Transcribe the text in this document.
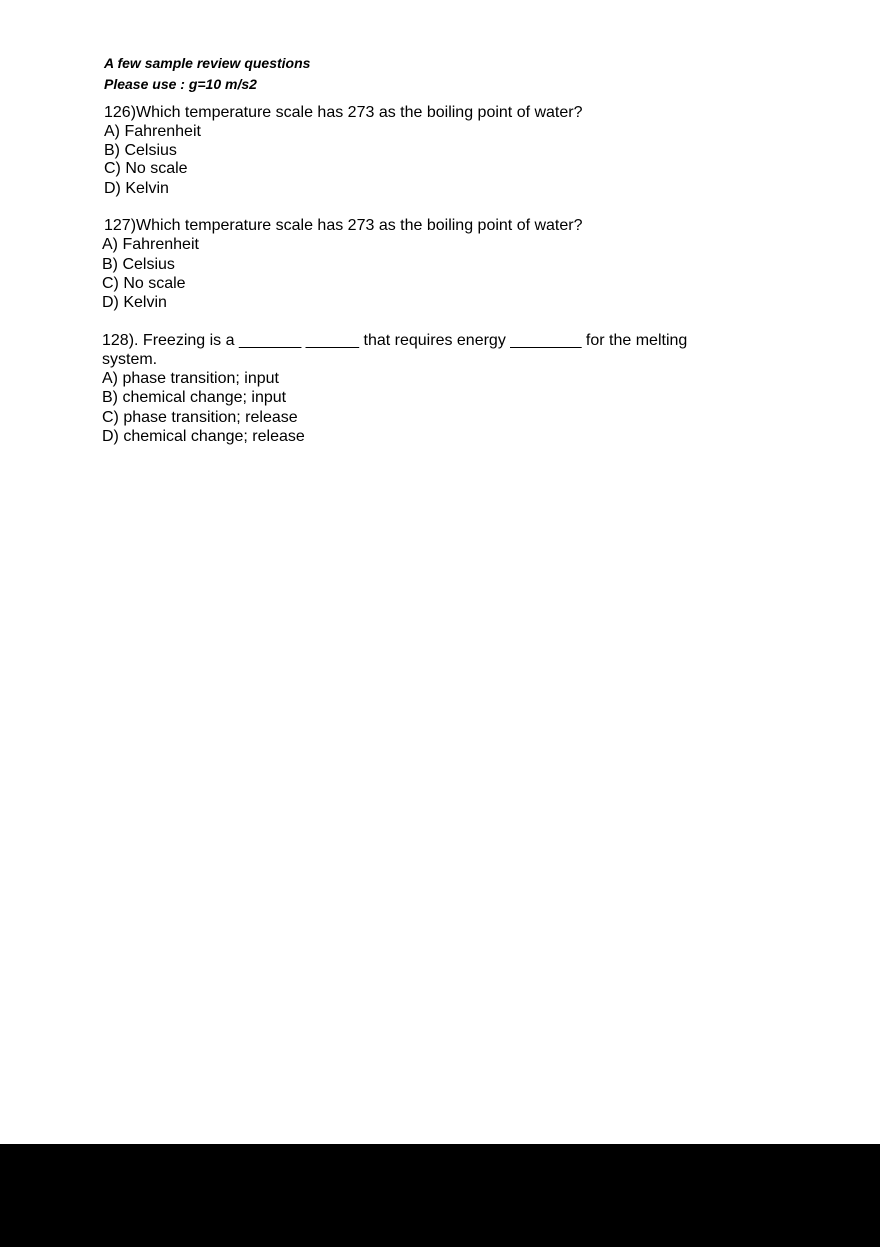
A few sample review questions
Please use : g=10 m/s2
126)Which temperature scale has 273 as the boiling point of water?
A) Fahrenheit
B) Celsius
C) No scale
D) Kelvin
127)Which temperature scale has 273 as the boiling point of water?
A) Fahrenheit
B) Celsius
C) No scale
D) Kelvin
128). Freezing is a _______ ______ that requires energy ________ for the melting
system.
A) phase transition; input
B) chemical change; input
C) phase transition; release
D) chemical change; release
